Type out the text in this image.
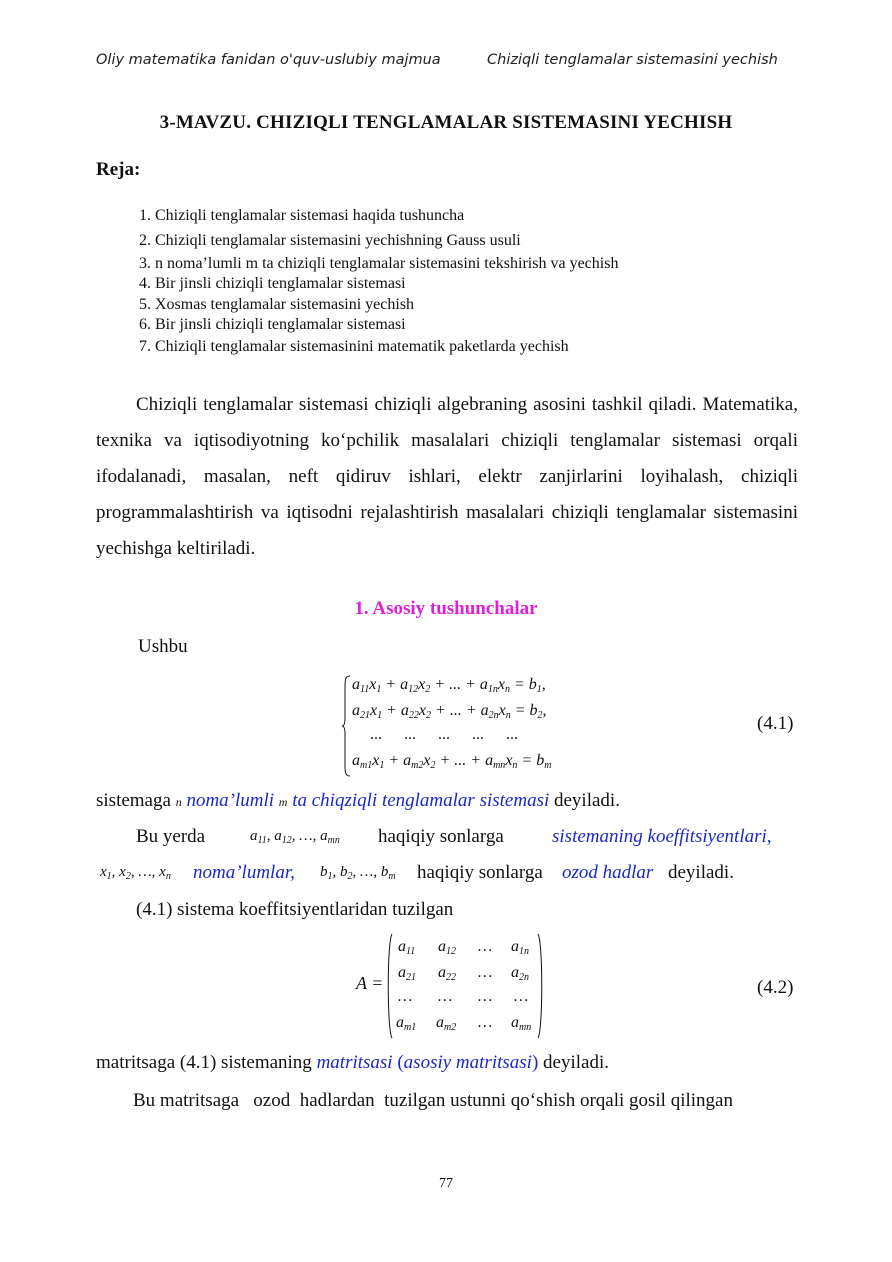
Oliy matematika fanidan o'quv-uslubiy majmua	Chiziqli tenglamalar sistemasini yechish
3-MAVZU. CHIZIQLI TENGLAMALAR SISTEMASINI YECHISH
Reja:
1. Chiziqli tenglamalar sistemasi haqida tushuncha
2. Chiziqli tenglamalar sistemasini yechishning Gauss usuli
3. n noma’lumli m ta chiziqli tenglamalar sistemasini tekshirish va yechish
4. Bir jinsli chiziqli tenglamalar sistemasi
5. Xosmas tenglamalar sistemasini yechish
6. Bir jinsli chiziqli tenglamalar sistemasi
7. Chiziqli tenglamalar sistemasinini matematik paketlarda yechish

Chiziqli tenglamalar sistemasi chiziqli algebraning asosini tashkil qiladi. Matematika, texnika va iqtisodiyotning ko‘pchilik masalalari chiziqli tenglamalar sistemasi orqali ifodalanadi, masalan, neft qidiruv ishlari, elektr zanjirlarini loyihalash, chiziqli programmalashtirish va iqtisodni rejalashtirish masalalari chiziqli tenglamalar sistemasini yechishga keltiriladi.

1. Asosiy tushunchalar
Ushbu
$a_{11}x_1 + a_{12}x_2$ + ... + $a_{1n}x_n = b_1$,
$a_{21}x_1 + a_{22}x_2$ + ... + $a_{2n}x_n = b_2$,
... ... ... ... ...
$a_{m1}x_1 + a_{m2}x_2$ + ... + $a_{mn}x_n = b_m$
(4.1)
sistemaga n noma’lumli m ta chiqziqli tenglamalar sistemasi deyiladi.
Bu yerda	$a_{11}$, $a_{12}$, …, $a_{mn}$ haqiqiy sonlarga	sistemaning koeffitsiyentlari,
$x_1$, $x_2$, …, $x_n$ noma’lumlar, $b_1$, $b_2$, …, $b_m$ haqiqiy sonlarga ozod hadlar deyiladi.
(4.1) sistema koeffitsiyentlaridan tuzilgan
A =
$a_{11}$ $a_{12}$ … $a_{1n}$
$a_{21}$ $a_{22}$ … $a_{2n}$
… … … …
$a_{m1}$ $a_{m2}$ … $a_{mn}$
(4.2)
matritsaga (4.1) sistemaning matritsasi (asosiy matritsasi) deyiladi.
Bu matritsaga   ozod  hadlardan  tuzilgan ustunni qo‘shish orqali gosil qilingan
77
